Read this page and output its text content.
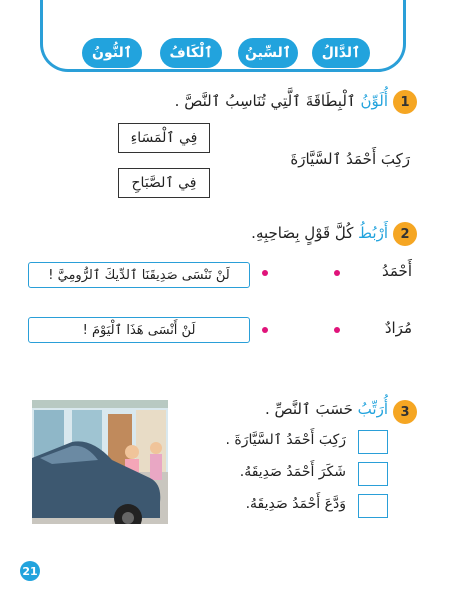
ٱلدَّالُ
ٱلسِّينُ
ٱلْكَافُ
ٱلنُّونُ
1
أُلَوِّنُ ٱلْبِطَاقَةَ ٱلَّتِي تُنَاسِبُ ٱلنَّصَّ .
فِي ٱلْمَسَاءِ
فِي ٱلصَّبَاحِ
رَكِبَ أَحْمَدُ ٱلسَّيَّارَةَ
2
أَرْبُطُ كُلَّ قَوْلٍ بِصَاحِبِهِ.
أَحْمَدُ
لَنْ نَنْسَى صَدِيقَنَا ٱلدِّيكَ ٱلرُّومِيَّ !
مُرَادٌ
لَنْ أَنْسَى هَذَا ٱلْيَوْمَ !
3
أُرَتِّبُ حَسَبَ ٱلنَّصِّ .
رَكِبَ أَحْمَدُ ٱلسَّيَّارَةَ .
شَكَرَ أَحْمَدُ صَدِيقَهُ.
وَدَّعَ أَحْمَدُ صَدِيقَهُ.
21
